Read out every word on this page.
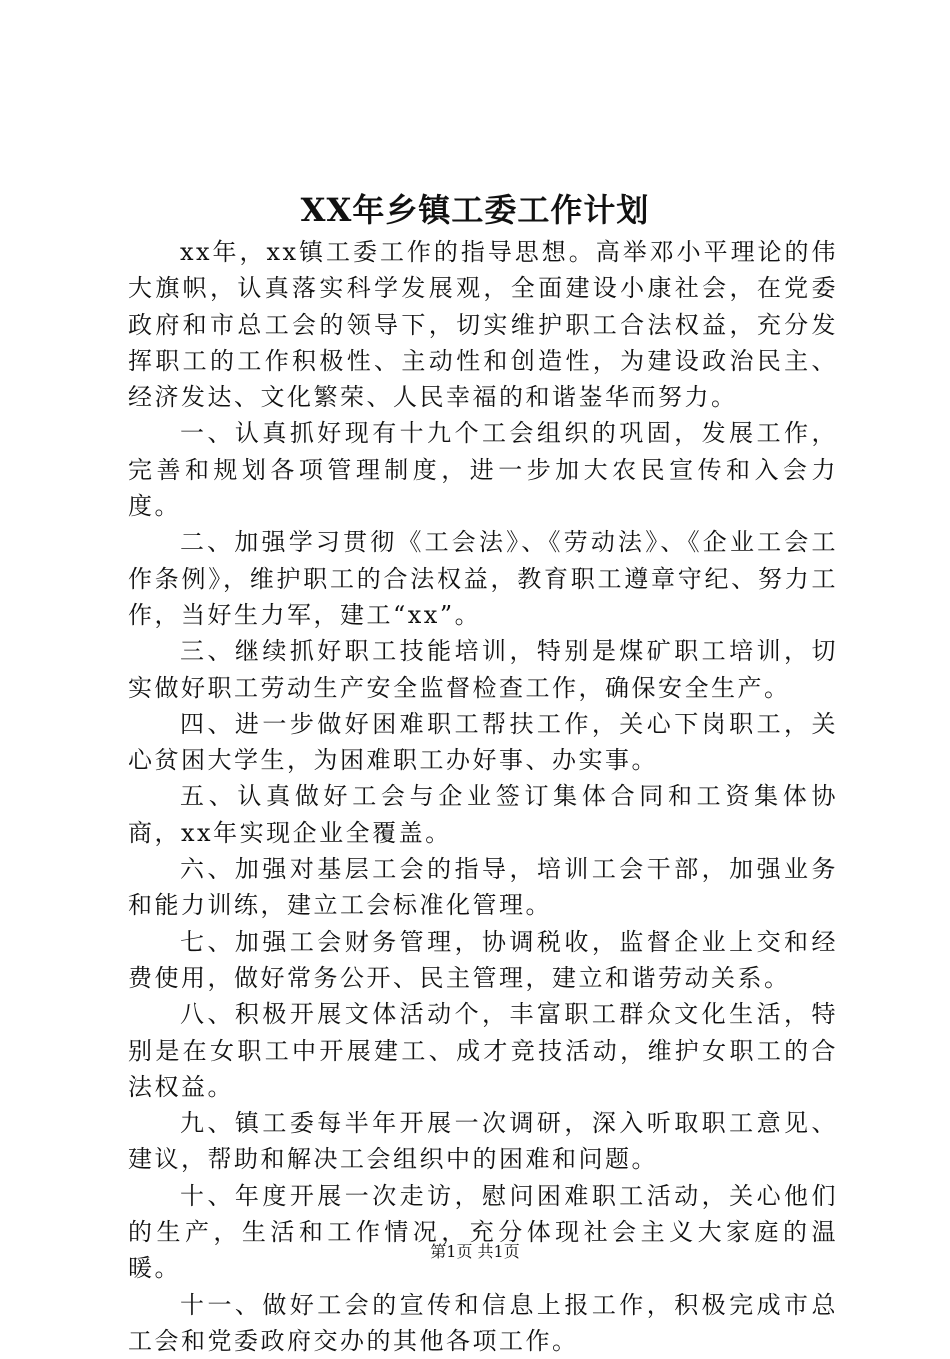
XX年乡镇工委工作计划

xx年，xx镇工委工作的指导思想。高举邓小平理论的伟大旗帜，认真落实科学发展观，全面建设小康社会，在党委政府和市总工会的领导下，切实维护职工合法权益，充分发挥职工的工作积极性、主动性和创造性，为建设政治民主、经济发达、文化繁荣、人民幸福的和谐崟华而努力。

一、认真抓好现有十九个工会组织的巩固，发展工作，完善和规划各项管理制度，进一步加大农民宣传和入会力度。

二、加强学习贯彻《工会法》、《劳动法》、《企业工会工作条例》，维护职工的合法权益，教育职工遵章守纪、努力工作，当好生力军，建工“xx”。

三、继续抓好职工技能培训，特别是煤矿职工培训，切实做好职工劳动生产安全监督检查工作，确保安全生产。

四、进一步做好困难职工帮扶工作，关心下岗职工，关心贫困大学生，为困难职工办好事、办实事。

五、认真做好工会与企业签订集体合同和工资集体协商，xx年实现企业全覆盖。

六、加强对基层工会的指导，培训工会干部，加强业务和能力训练，建立工会标准化管理。

七、加强工会财务管理，协调税收，监督企业上交和经费使用，做好常务公开、民主管理，建立和谐劳动关系。

八、积极开展文体活动个，丰富职工群众文化生活，特别是在女职工中开展建工、成才竞技活动，维护女职工的合法权益。

九、镇工委每半年开展一次调研，深入听取职工意见、建议，帮助和解决工会组织中的困难和问题。

十、年度开展一次走访，慰问困难职工活动，关心他们的生产，生活和工作情况，充分体现社会主义大家庭的温暖。

十一、做好工会的宣传和信息上报工作，积极完成市总工会和党委政府交办的其他各项工作。

第1页 共1页
